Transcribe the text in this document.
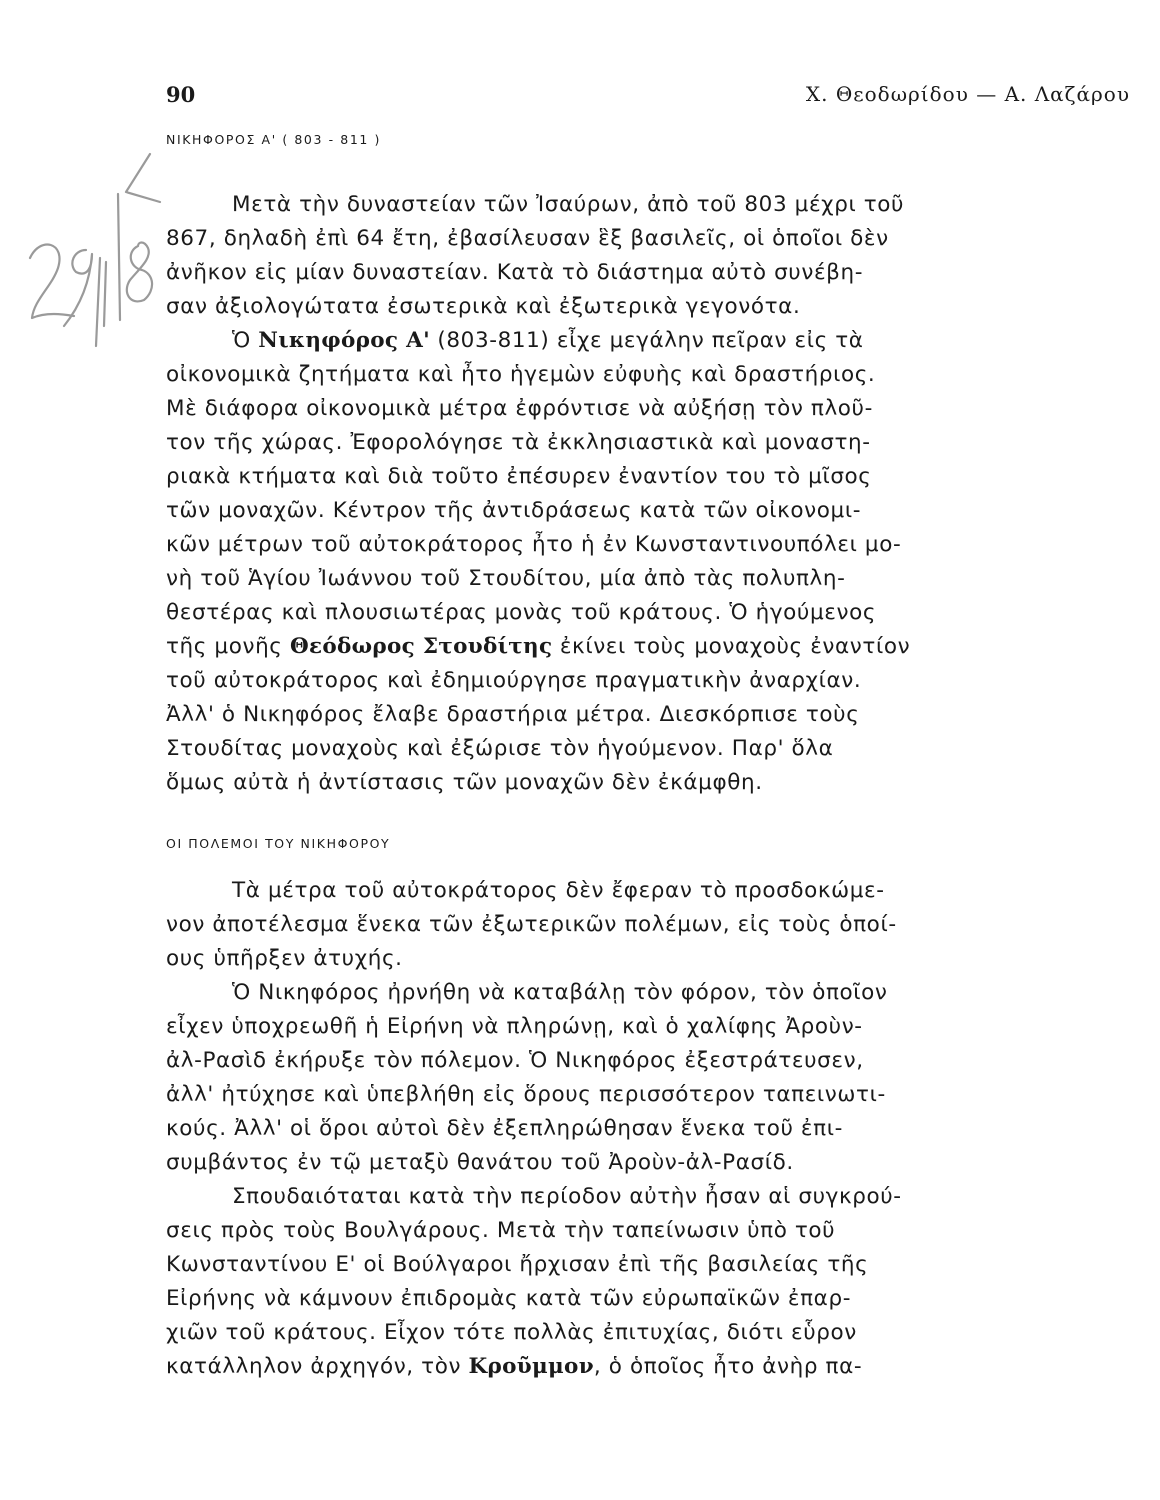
90	Χ. Θεοδωρίδου — Α. Λαζάρου
ΝΙΚΗΦΟΡΟΣ Α' ( 803 - 811 )
Μετὰ τὴν δυναστείαν τῶν Ἰσαύρων, ἀπὸ τοῦ 803 μέχρι τοῦ
867, δηλαδὴ ἐπὶ 64 ἔτη, ἐβασίλευσαν ἓξ βασιλεῖς, οἱ ὁποῖοι δὲν
ἀνῆκον εἰς μίαν δυναστείαν. Κατὰ τὸ διάστημα αὐτὸ συνέβη-
σαν ἀξιολογώτατα ἐσωτερικὰ καὶ ἐξωτερικὰ γεγονότα.
Ὁ Νικηφόρος Α' (803-811) εἶχε μεγάλην πεῖραν εἰς τὰ
οἰκονομικὰ ζητήματα καὶ ἦτο ἡγεμὼν εὐφυὴς καὶ δραστήριος.
Μὲ διάφορα οἰκονομικὰ μέτρα ἐφρόντισε νὰ αὐξήσῃ τὸν πλοῦ-
τον τῆς χώρας. Ἐφορολόγησε τὰ ἐκκλησιαστικὰ καὶ μοναστη-
ριακὰ κτήματα καὶ διὰ τοῦτο ἐπέσυρεν ἐναντίον του τὸ μῖσος
τῶν μοναχῶν. Κέντρον τῆς ἀντιδράσεως κατὰ τῶν οἰκονομι-
κῶν μέτρων τοῦ αὐτοκράτορος ἦτο ἡ ἐν Κωνσταντινουπόλει μο-
νὴ τοῦ Ἁγίου Ἰωάννου τοῦ Στουδίτου, μία ἀπὸ τὰς πολυπλη-
θεστέρας καὶ πλουσιωτέρας μονὰς τοῦ κράτους. Ὁ ἡγούμενος
τῆς μονῆς Θεόδωρος Στουδίτης ἐκίνει τοὺς μοναχοὺς ἐναντίον
τοῦ αὐτοκράτορος καὶ ἐδημιούργησε πραγματικὴν ἀναρχίαν.
Ἀλλ' ὁ Νικηφόρος ἔλαβε δραστήρια μέτρα. Διεσκόρπισε τοὺς
Στουδίτας μοναχοὺς καὶ ἐξώρισε τὸν ἡγούμενον. Παρ' ὅλα
ὅμως αὐτὰ ἡ ἀντίστασις τῶν μοναχῶν δὲν ἐκάμφθη.
ΟΙ ΠΟΛΕΜΟΙ ΤΟΥ ΝΙΚΗΦΟΡΟΥ
Τὰ μέτρα τοῦ αὐτοκράτορος δὲν ἔφεραν τὸ προσδοκώμε-
νον ἀποτέλεσμα ἕνεκα τῶν ἐξωτερικῶν πολέμων, εἰς τοὺς ὁποί-
ους ὑπῆρξεν ἀτυχής.
Ὁ Νικηφόρος ἠρνήθη νὰ καταβάλῃ τὸν φόρον, τὸν ὁποῖον
εἶχεν ὑποχρεωθῆ ἡ Εἰρήνη νὰ πληρώνῃ, καὶ ὁ χαλίφης Ἀροὺν-
ἀλ-Ρασὶδ ἐκήρυξε τὸν πόλεμον. Ὁ Νικηφόρος ἐξεστράτευσεν,
ἀλλ' ἠτύχησε καὶ ὑπεβλήθη εἰς ὅρους περισσότερον ταπεινωτι-
κούς. Ἀλλ' οἱ ὅροι αὐτοὶ δὲν ἐξεπληρώθησαν ἕνεκα τοῦ ἐπι-
συμβάντος ἐν τῷ μεταξὺ θανάτου τοῦ Ἀροὺν-ἀλ-Ρασίδ.
Σπουδαιόταται κατὰ τὴν περίοδον αὐτὴν ἦσαν αἱ συγκρού-
σεις πρὸς τοὺς Βουλγάρους. Μετὰ τὴν ταπείνωσιν ὑπὸ τοῦ
Κωνσταντίνου Ε' οἱ Βούλγαροι ἤρχισαν ἐπὶ τῆς βασιλείας τῆς
Εἰρήνης νὰ κάμνουν ἐπιδρομὰς κατὰ τῶν εὐρωπαϊκῶν ἐπαρ-
χιῶν τοῦ κράτους. Εἶχον τότε πολλὰς ἐπιτυχίας, διότι εὗρον
κατάλληλον ἀρχηγόν, τὸν Κροῦμμον, ὁ ὁποῖος ἦτο ἀνὴρ πα-
